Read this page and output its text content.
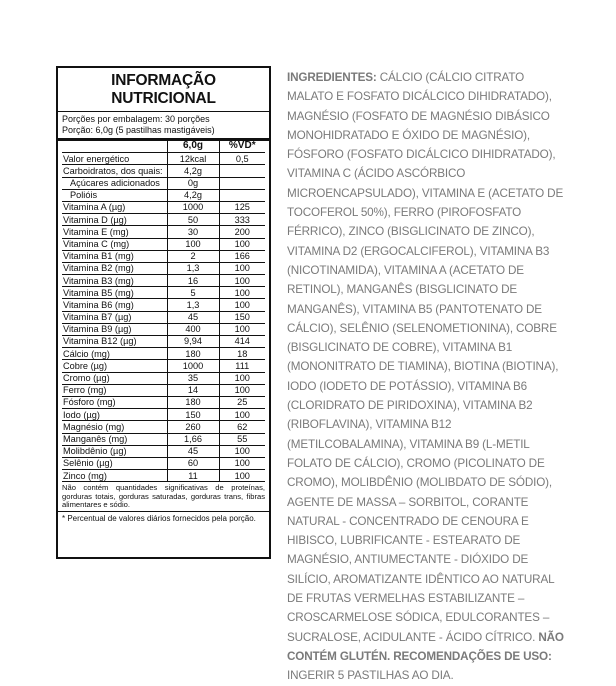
INFORMAÇÃO NUTRICIONAL
Porções por embalagem: 30 porções
Porção: 6,0g (5 pastilhas mastigáveis)
	6,0g	%VD*
Valor energético	12kcal	0,5
Carboidratos, dos quais:	4,2g	
Açúcares adicionados	0g	
Polióis	4,2g	
Vitamina A (µg)	1000	125
Vitamina D (µg)	50	333
Vitamina E (mg)	30	200
Vitamina C (mg)	100	100
Vitamina B1 (mg)	2	166
Vitamina B2 (mg)	1,3	100
Vitamina B3 (mg)	16	100
Vitamina B5 (mg)	5	100
Vitamina B6 (mg)	1,3	100
Vitamina B7 (µg)	45	150
Vitamina B9 (µg)	400	100
Vitamina B12 (µg)	9,94	414
Cálcio (mg)	180	18
Cobre (µg)	1000	111
Cromo (µg)	35	100
Ferro (mg)	14	100
Fósforo (mg)	180	25
Iodo (µg)	150	100
Magnésio (mg)	260	62
Manganês (mg)	1,66	55
Molibdênio (µg)	45	100
Selênio (µg)	60	100
Zinco (mg)	11	100
Não contém quantidades significativas de proteínas, gorduras totais, gorduras saturadas, gorduras trans, fibras alimentares e sódio.
* Percentual de valores diários fornecidos pela porção.
INGREDIENTES: CÁLCIO (CÁLCIO CITRATO MALATO E FOSFATO DICÁLCICO DIHIDRATADO), MAGNÉSIO (FOSFATO DE MAGNÉSIO DIBÁSICO MONOHIDRATADO E ÓXIDO DE MAGNÉSIO), FÓSFORO (FOSFATO DICÁLCICO DIHIDRATADO), VITAMINA C (ÁCIDO ASCÓRBICO MICROENCAPSULADO), VITAMINA E (ACETATO DE TOCOFEROL 50%), FERRO (PIROFOSFATO FÉRRICO), ZINCO (BISGLICINATO DE ZINCO), VITAMINA D2 (ERGOCALCIFEROL), VITAMINA B3 (NICOTINAMIDA), VITAMINA A (ACETATO DE RETINOL), MANGANÊS (BISGLICINATO DE MANGANÊS), VITAMINA B5 (PANTOTENATO DE CÁLCIO), SELÊNIO (SELENOMETIONINA), COBRE (BISGLICINATO DE COBRE), VITAMINA B1 (MONONITRATO DE TIAMINA), BIOTINA (BIOTINA), IODO (IODETO DE POTÁSSIO), VITAMINA B6 (CLORIDRATO DE PIRIDOXINA), VITAMINA B2 (RIBOFLAVINA), VITAMINA B12 (METILCOBALAMINA), VITAMINA B9 (L-METIL FOLATO DE CÁLCIO), CROMO (PICOLINATO DE CROMO), MOLIBDÊNIO (MOLIBDATO DE SÓDIO), AGENTE DE MASSA – SORBITOL, CORANTE NATURAL - CONCENTRADO DE CENOURA E HIBISCO, LUBRIFICANTE - ESTEARATO DE MAGNÉSIO, ANTIUMECTANTE - DIÓXIDO DE SILÍCIO, AROMATIZANTE IDÊNTICO AO NATURAL DE FRUTAS VERMELHAS ESTABILIZANTE – CROSCARMELOSE SÓDICA, EDULCORANTES – SUCRALOSE, ACIDULANTE - ÁCIDO CÍTRICO. NÃO CONTÉM GLUTÉN. RECOMENDAÇÕES DE USO: INGERIR 5 PASTILHAS AO DIA.
